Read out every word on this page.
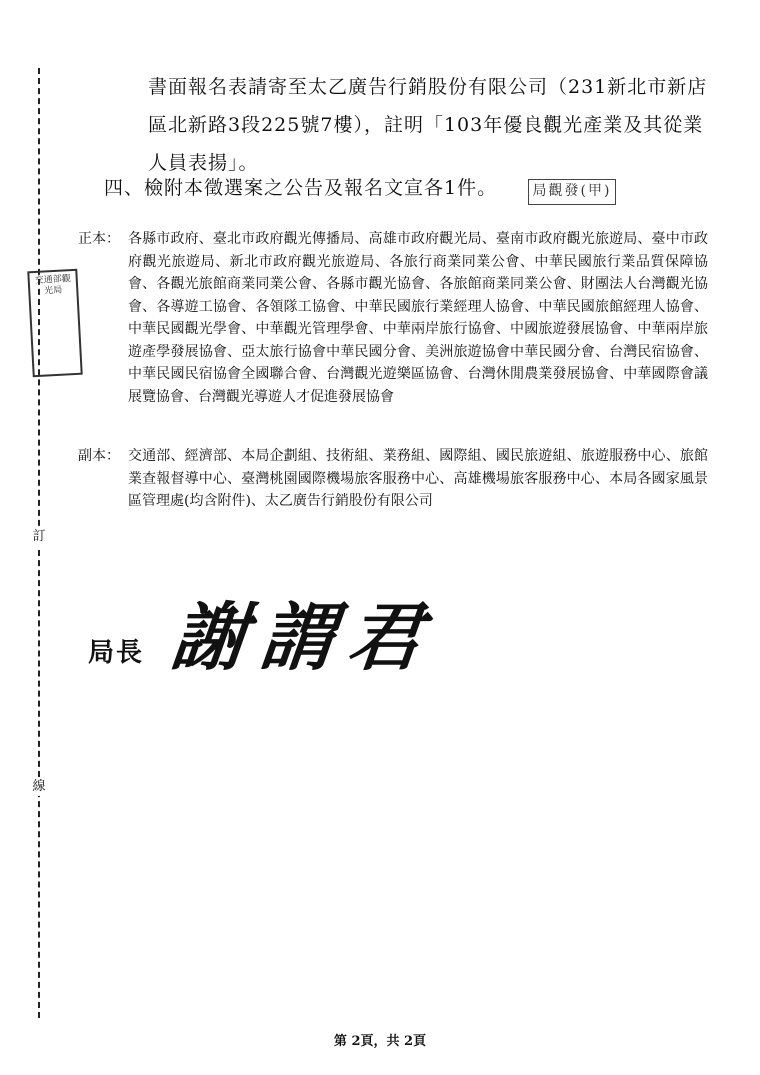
訂
線
交通部觀光局
書面報名表請寄至太乙廣告行銷股份有限公司（231新北市新店區北新路3段225號7樓），註明「103年優良觀光產業及其從業人員表揚」。
四、檢附本徵選案之公告及報名文宣各1件。	局觀發(甲)
正本： 各縣市政府、臺北市政府觀光傳播局、高雄市政府觀光局、臺南市政府觀光旅遊局、臺中市政府觀光旅遊局、新北市政府觀光旅遊局、各旅行商業同業公會、中華民國旅行業品質保障協會、各觀光旅館商業同業公會、各縣市觀光協會、各旅館商業同業公會、財團法人台灣觀光協會、各導遊工協會、各領隊工協會、中華民國旅行業經理人協會、中華民國旅館經理人協會、中華民國觀光學會、中華觀光管理學會、中華兩岸旅行協會、中國旅遊發展協會、中華兩岸旅遊產學發展協會、亞太旅行協會中華民國分會、美洲旅遊協會中華民國分會、台灣民宿協會、中華民國民宿協會全國聯合會、台灣觀光遊樂區協會、台灣休閒農業發展協會、中華國際會議展覽協會、台灣觀光導遊人才促進發展協會
副本： 交通部、經濟部、本局企劃組、技術組、業務組、國際組、國民旅遊組、旅遊服務中心、旅館業查報督導中心、臺灣桃園國際機場旅客服務中心、高雄機場旅客服務中心、本局各國家風景區管理處(均含附件)、太乙廣告行銷股份有限公司
局長 謝謂君
第 2頁，共 2頁
